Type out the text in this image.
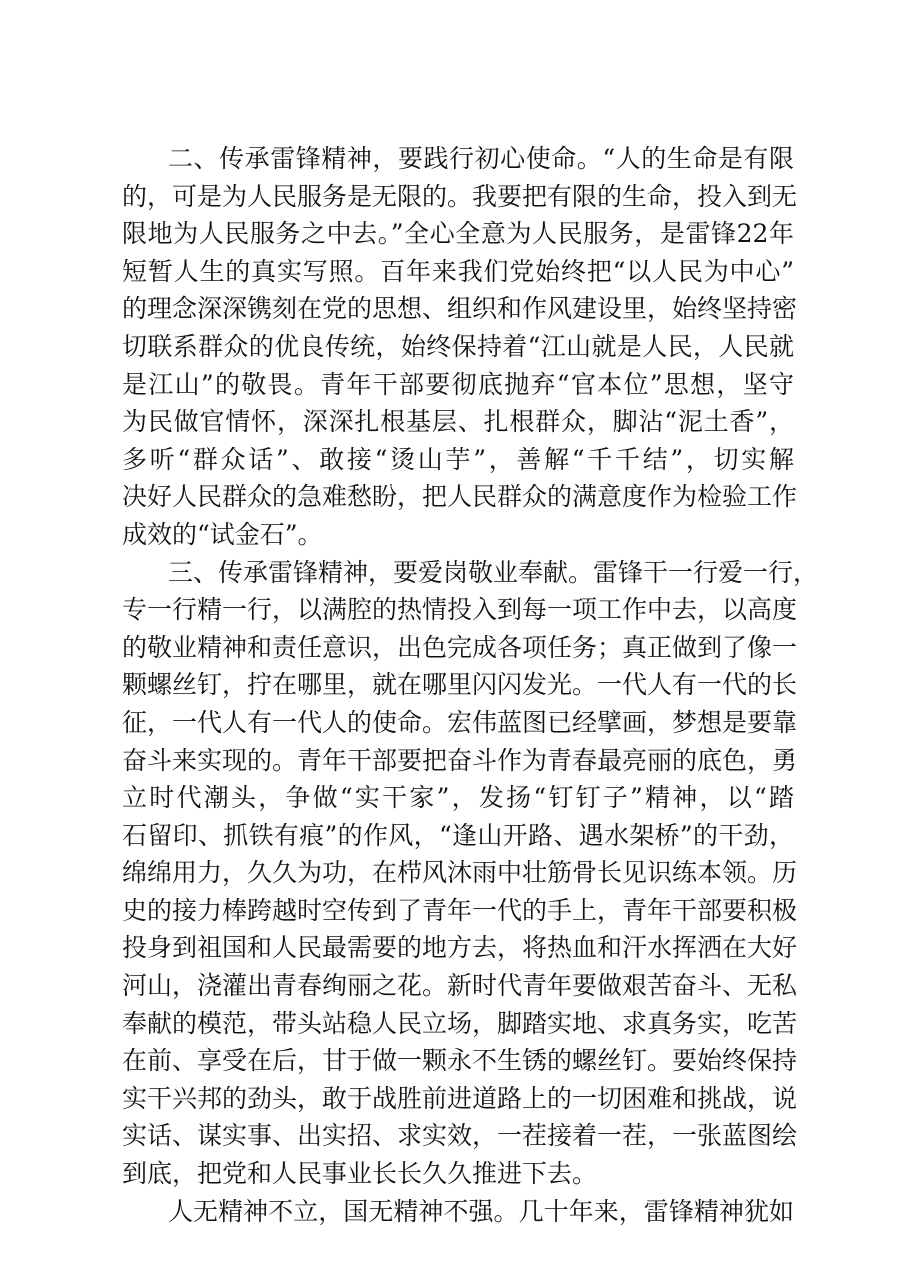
二、传承雷锋精神，要践行初心使命。“人的生命是有限
的，可是为人民服务是无限的。我要把有限的生命，投入到无
限地为人民服务之中去。”全心全意为人民服务，是雷锋22年
短暂人生的真实写照。百年来我们党始终把“以人民为中心”
的理念深深镌刻在党的思想、组织和作风建设里，始终坚持密
切联系群众的优良传统，始终保持着“江山就是人民，人民就
是江山”的敬畏。青年干部要彻底抛弃“官本位”思想，坚守
为民做官情怀，深深扎根基层、扎根群众，脚沾“泥土香”，
多听“群众话”、敢接“烫山芋”，善解“千千结”，切实解
决好人民群众的急难愁盼，把人民群众的满意度作为检验工作
成效的“试金石”。
三、传承雷锋精神，要爱岗敬业奉献。雷锋干一行爱一行，
专一行精一行，以满腔的热情投入到每一项工作中去，以高度
的敬业精神和责任意识，出色完成各项任务；真正做到了像一
颗螺丝钉，拧在哪里，就在哪里闪闪发光。一代人有一代的长
征，一代人有一代人的使命。宏伟蓝图已经擘画，梦想是要靠
奋斗来实现的。青年干部要把奋斗作为青春最亮丽的底色，勇
立时代潮头，争做“实干家”，发扬“钉钉子”精神，以“踏
石留印、抓铁有痕”的作风，“逢山开路、遇水架桥”的干劲，
绵绵用力，久久为功，在栉风沐雨中壮筋骨长见识练本领。历
史的接力棒跨越时空传到了青年一代的手上，青年干部要积极
投身到祖国和人民最需要的地方去，将热血和汗水挥洒在大好
河山，浇灌出青春绚丽之花。新时代青年要做艰苦奋斗、无私
奉献的模范，带头站稳人民立场，脚踏实地、求真务实，吃苦
在前、享受在后，甘于做一颗永不生锈的螺丝钉。要始终保持
实干兴邦的劲头，敢于战胜前进道路上的一切困难和挑战，说
实话、谋实事、出实招、求实效，一茬接着一茬，一张蓝图绘
到底，把党和人民事业长长久久推进下去。
人无精神不立，国无精神不强。几十年来，雷锋精神犹如
